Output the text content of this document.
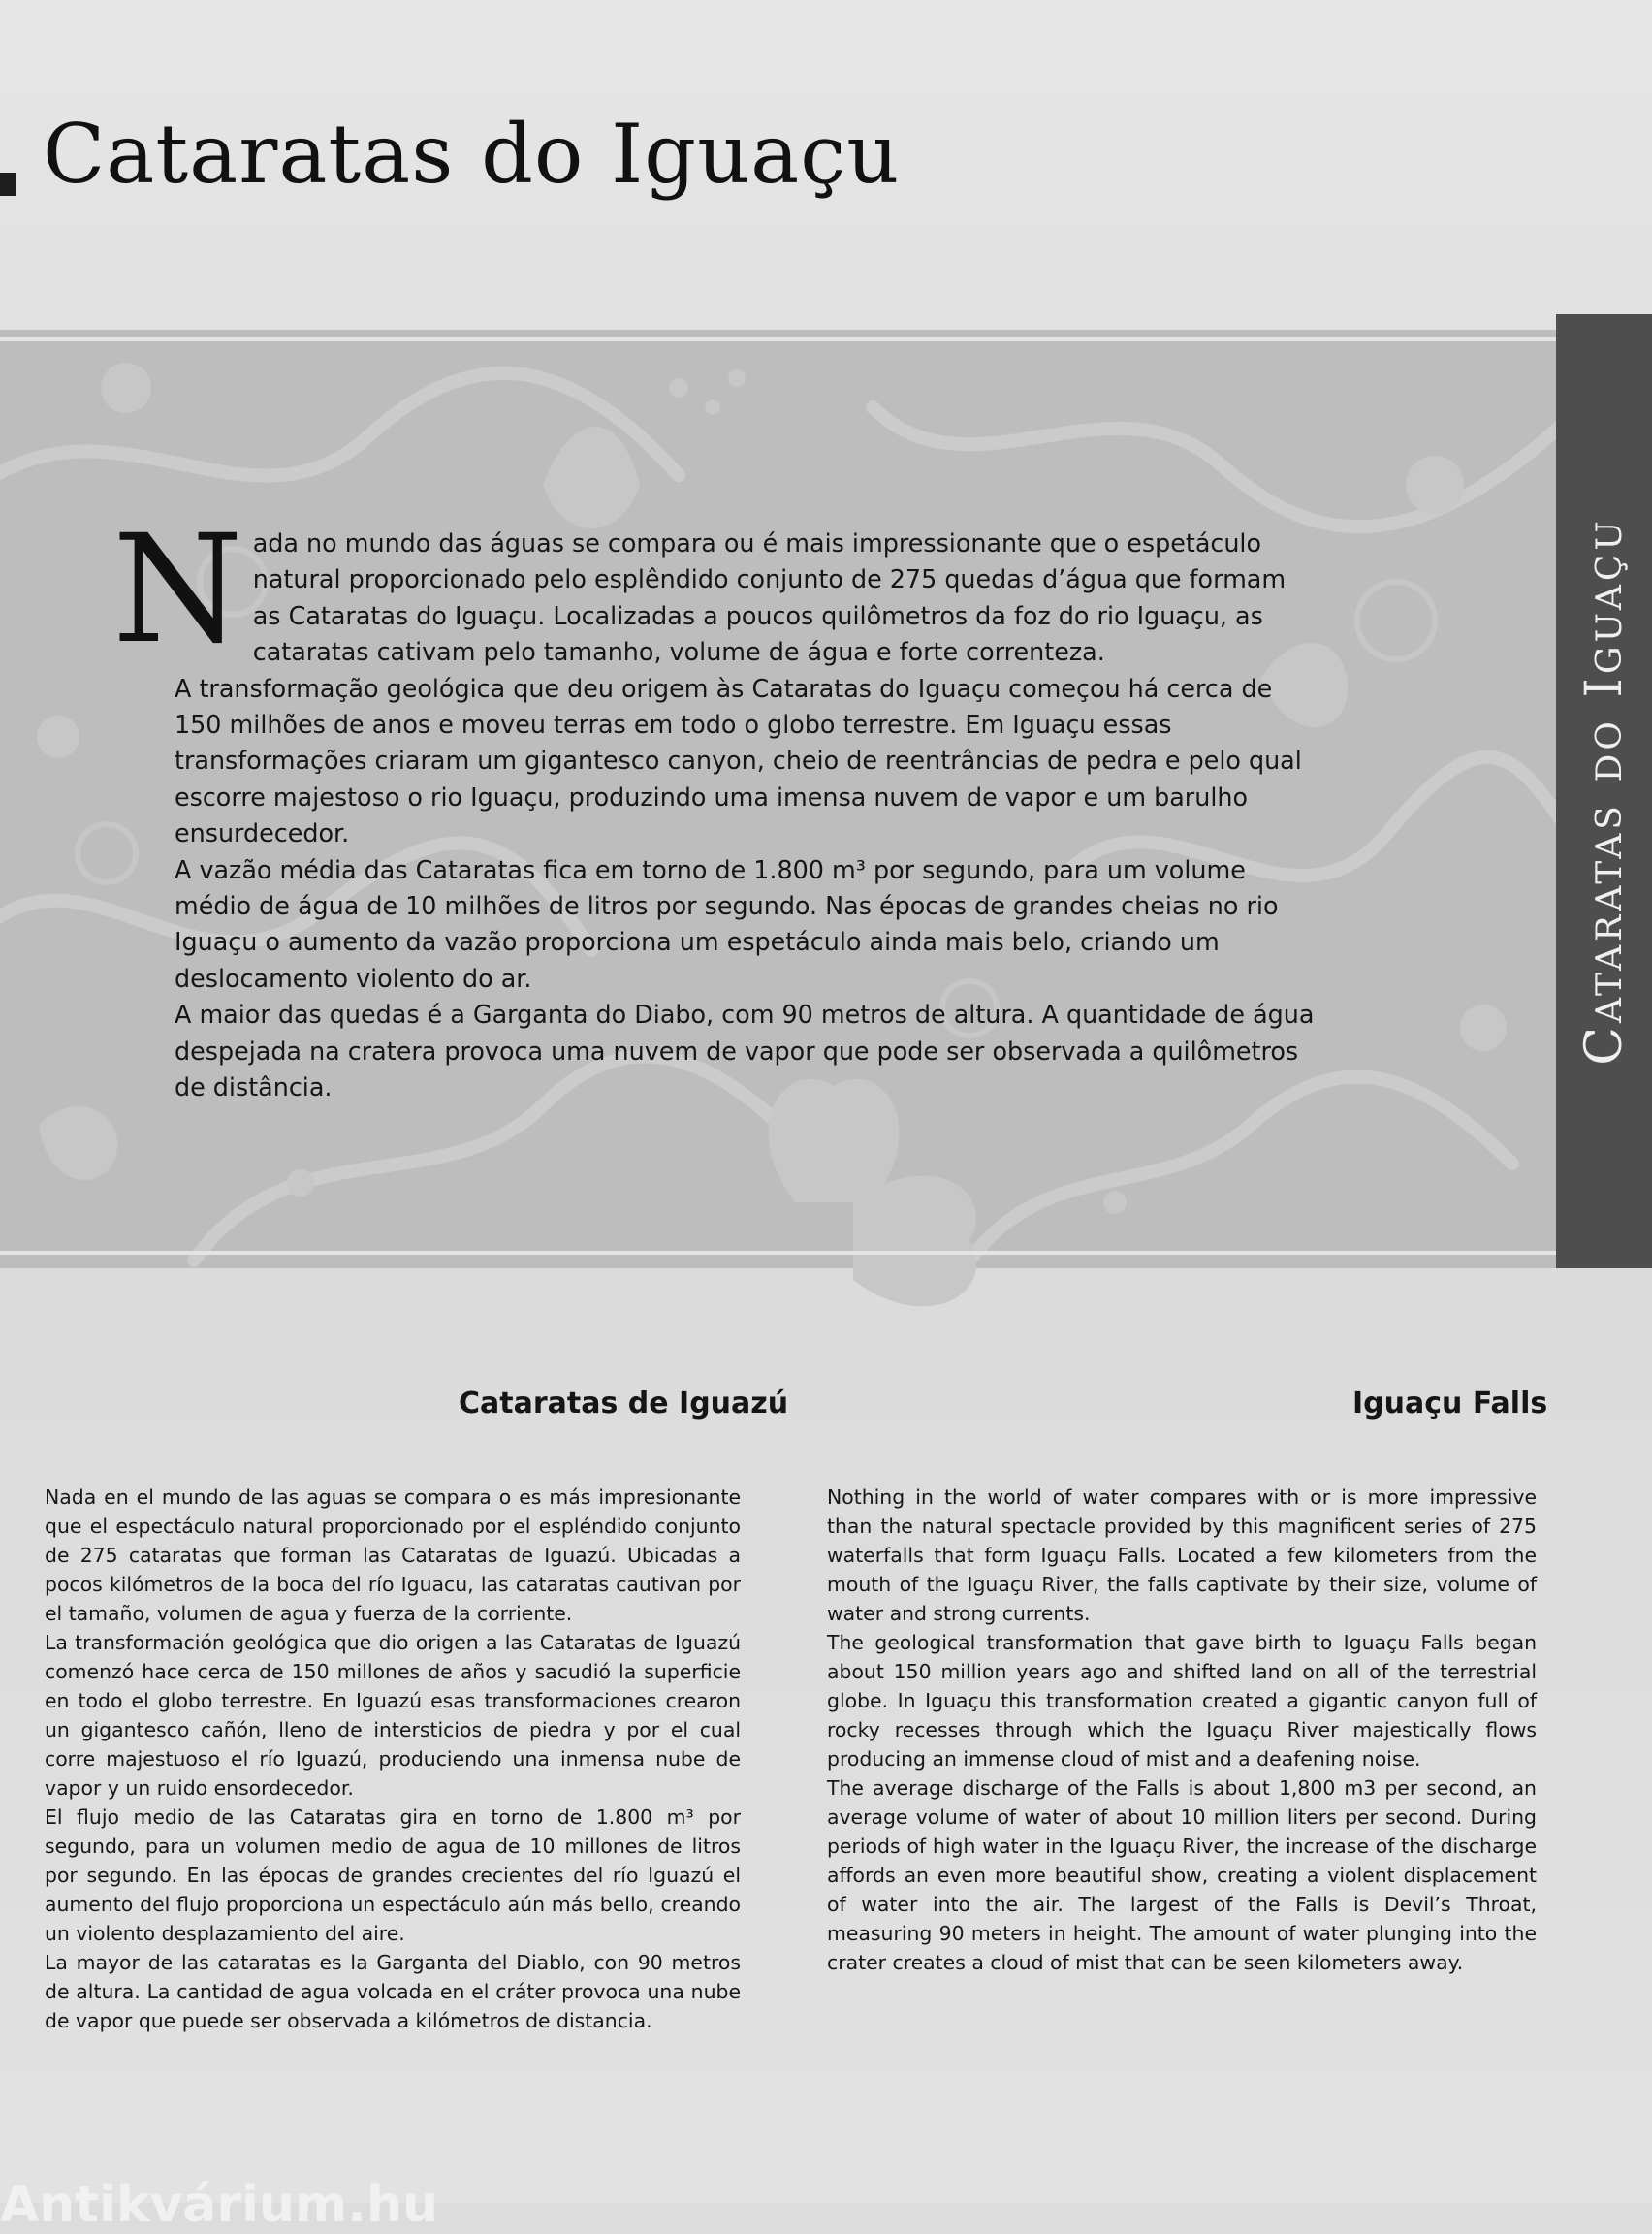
Cataratas do Iguaçu
Cataratas do Iguaçu

Nada no mundo das águas se compara ou é mais impressionante que o espetáculo natural proporcionado pelo esplêndido conjunto de 275 quedas d’água que formam as Cataratas do Iguaçu. Localizadas a poucos quilômetros da foz do rio Iguaçu, as cataratas cativam pelo tamanho, volume de água e forte correnteza.

A transformação geológica que deu origem às Cataratas do Iguaçu começou há cerca de 150 milhões de anos e moveu terras em todo o globo terrestre. Em Iguaçu essas transformações criaram um gigantesco canyon, cheio de reentrâncias de pedra e pelo qual escorre majestoso o rio Iguaçu, produzindo uma imensa nuvem de vapor e um barulho ensurdecedor.

A vazão média das Cataratas fica em torno de 1.800 m³ por segundo, para um volume médio de água de 10 milhões de litros por segundo. Nas épocas de grandes cheias no rio Iguaçu o aumento da vazão proporciona um espetáculo ainda mais belo, criando um deslocamento violento do ar.

A maior das quedas é a Garganta do Diabo, com 90 metros de altura. A quantidade de água despejada na cratera provoca uma nuvem de vapor que pode ser observada a quilômetros de distância.

Cataratas de Iguazú	Iguaçu Falls

Nada en el mundo de las aguas se compara o es más impresionante que el espectáculo natural proporcionado por el espléndido conjunto de 275 cataratas que forman las Cataratas de Iguazú. Ubicadas a pocos kilómetros de la boca del río Iguacu, las cataratas cautivan por el tamaño, volumen de agua y fuerza de la corriente.

La transformación geológica que dio origen a las Cataratas de Iguazú comenzó hace cerca de 150 millones de años y sacudió la superficie en todo el globo terrestre. En Iguazú esas transformaciones crearon un gigantesco cañón, lleno de intersticios de piedra y por el cual corre majestuoso el río Iguazú, produciendo una inmensa nube de vapor y un ruido ensordecedor.

El flujo medio de las Cataratas gira en torno de 1.800 m³ por segundo, para un volumen medio de agua de 10 millones de litros por segundo. En las épocas de grandes crecientes del río Iguazú el aumento del flujo proporciona un espectáculo aún más bello, creando un violento desplazamiento del aire.

La mayor de las cataratas es la Garganta del Diablo, con 90 metros de altura. La cantidad de agua volcada en el cráter provoca una nube de vapor que puede ser observada a kilómetros de distancia.

Nothing in the world of water compares with or is more impressive than the natural spectacle provided by this magnificent series of 275 waterfalls that form Iguaçu Falls. Located a few kilometers from the mouth of the Iguaçu River, the falls captivate by their size, volume of water and strong currents.

The geological transformation that gave birth to Iguaçu Falls began about 150 million years ago and shifted land on all of the terrestrial globe. In Iguaçu this transformation created a gigantic canyon full of rocky recesses through which the Iguaçu River majestically flows producing an immense cloud of mist and a deafening noise.

The average discharge of the Falls is about 1,800 m3 per second, an average volume of water of about 10 million liters per second. During periods of high water in the Iguaçu River, the increase of the discharge affords an even more beautiful show, creating a violent displacement of water into the air. The largest of the Falls is Devil’s Throat, measuring 90 meters in height. The amount of water plunging into the crater creates a cloud of mist that can be seen kilometers away.

Antikvárium.hu
